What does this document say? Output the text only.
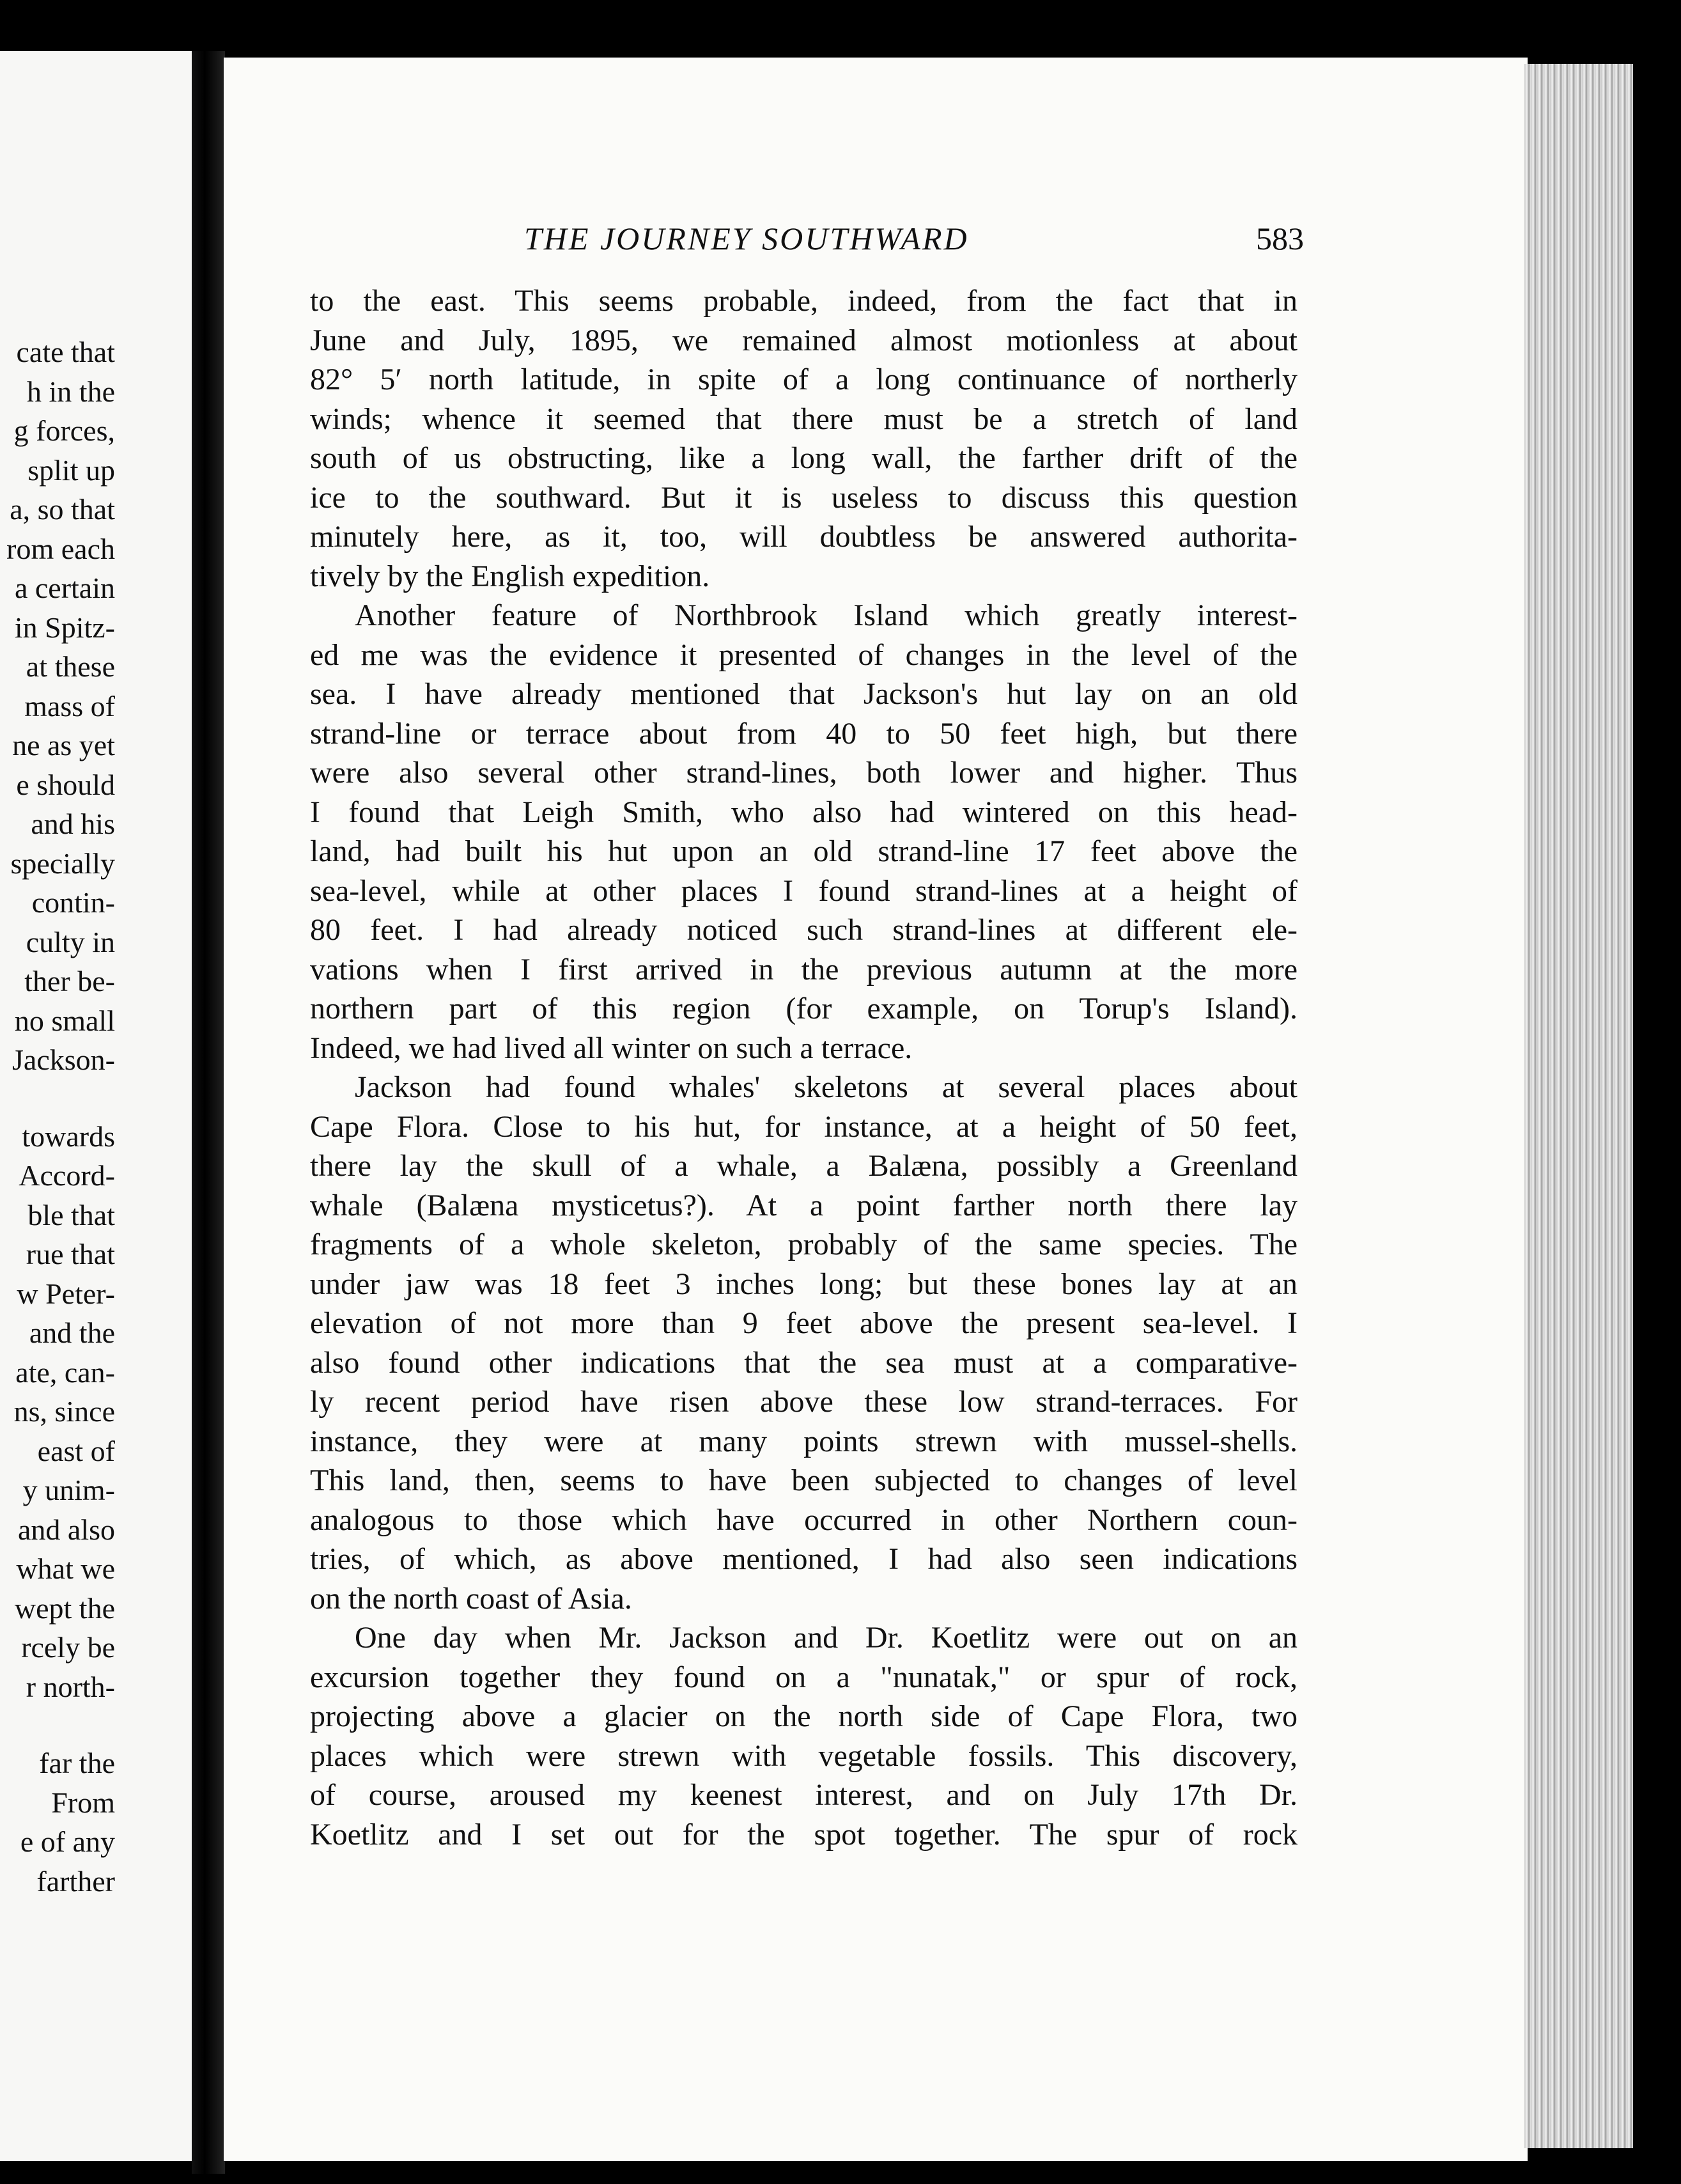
cate that
h in the
g forces,
split up
a, so that
rom each
a certain
in Spitz-
at these
mass of
ne as yet
e should
and his
specially
contin-
culty in
ther be-
no small
Jackson-
towards
Accord-
ble that
rue that
w Peter-
and the
ate, can-
ns, since
east of
y unim-
and also
what we
wept the
rcely be
r north-
far the
From
e of any
farther
THE JOURNEY SOUTHWARD	583
to the east. This seems probable, indeed, from the fact that in
June and July, 1895, we remained almost motionless at about
82° 5′ north latitude, in spite of a long continuance of northerly
winds; whence it seemed that there must be a stretch of land
south of us obstructing, like a long wall, the farther drift of the
ice to the southward. But it is useless to discuss this question
minutely here, as it, too, will doubtless be answered authorita-
tively by the English expedition.
Another feature of Northbrook Island which greatly interest-
ed me was the evidence it presented of changes in the level of the
sea. I have already mentioned that Jackson's hut lay on an old
strand-line or terrace about from 40 to 50 feet high, but there
were also several other strand-lines, both lower and higher. Thus
I found that Leigh Smith, who also had wintered on this head-
land, had built his hut upon an old strand-line 17 feet above the
sea-level, while at other places I found strand-lines at a height of
80 feet. I had already noticed such strand-lines at different ele-
vations when I first arrived in the previous autumn at the more
northern part of this region (for example, on Torup's Island).
Indeed, we had lived all winter on such a terrace.
Jackson had found whales' skeletons at several places about
Cape Flora. Close to his hut, for instance, at a height of 50 feet,
there lay the skull of a whale, a Balæna, possibly a Greenland
whale (Balæna mysticetus?). At a point farther north there lay
fragments of a whole skeleton, probably of the same species. The
under jaw was 18 feet 3 inches long; but these bones lay at an
elevation of not more than 9 feet above the present sea-level. I
also found other indications that the sea must at a comparative-
ly recent period have risen above these low strand-terraces. For
instance, they were at many points strewn with mussel-shells.
This land, then, seems to have been subjected to changes of level
analogous to those which have occurred in other Northern coun-
tries, of which, as above mentioned, I had also seen indications
on the north coast of Asia.
One day when Mr. Jackson and Dr. Koetlitz were out on an
excursion together they found on a "nunatak," or spur of rock,
projecting above a glacier on the north side of Cape Flora, two
places which were strewn with vegetable fossils. This discovery,
of course, aroused my keenest interest, and on July 17th Dr.
Koetlitz and I set out for the spot together. The spur of rock
